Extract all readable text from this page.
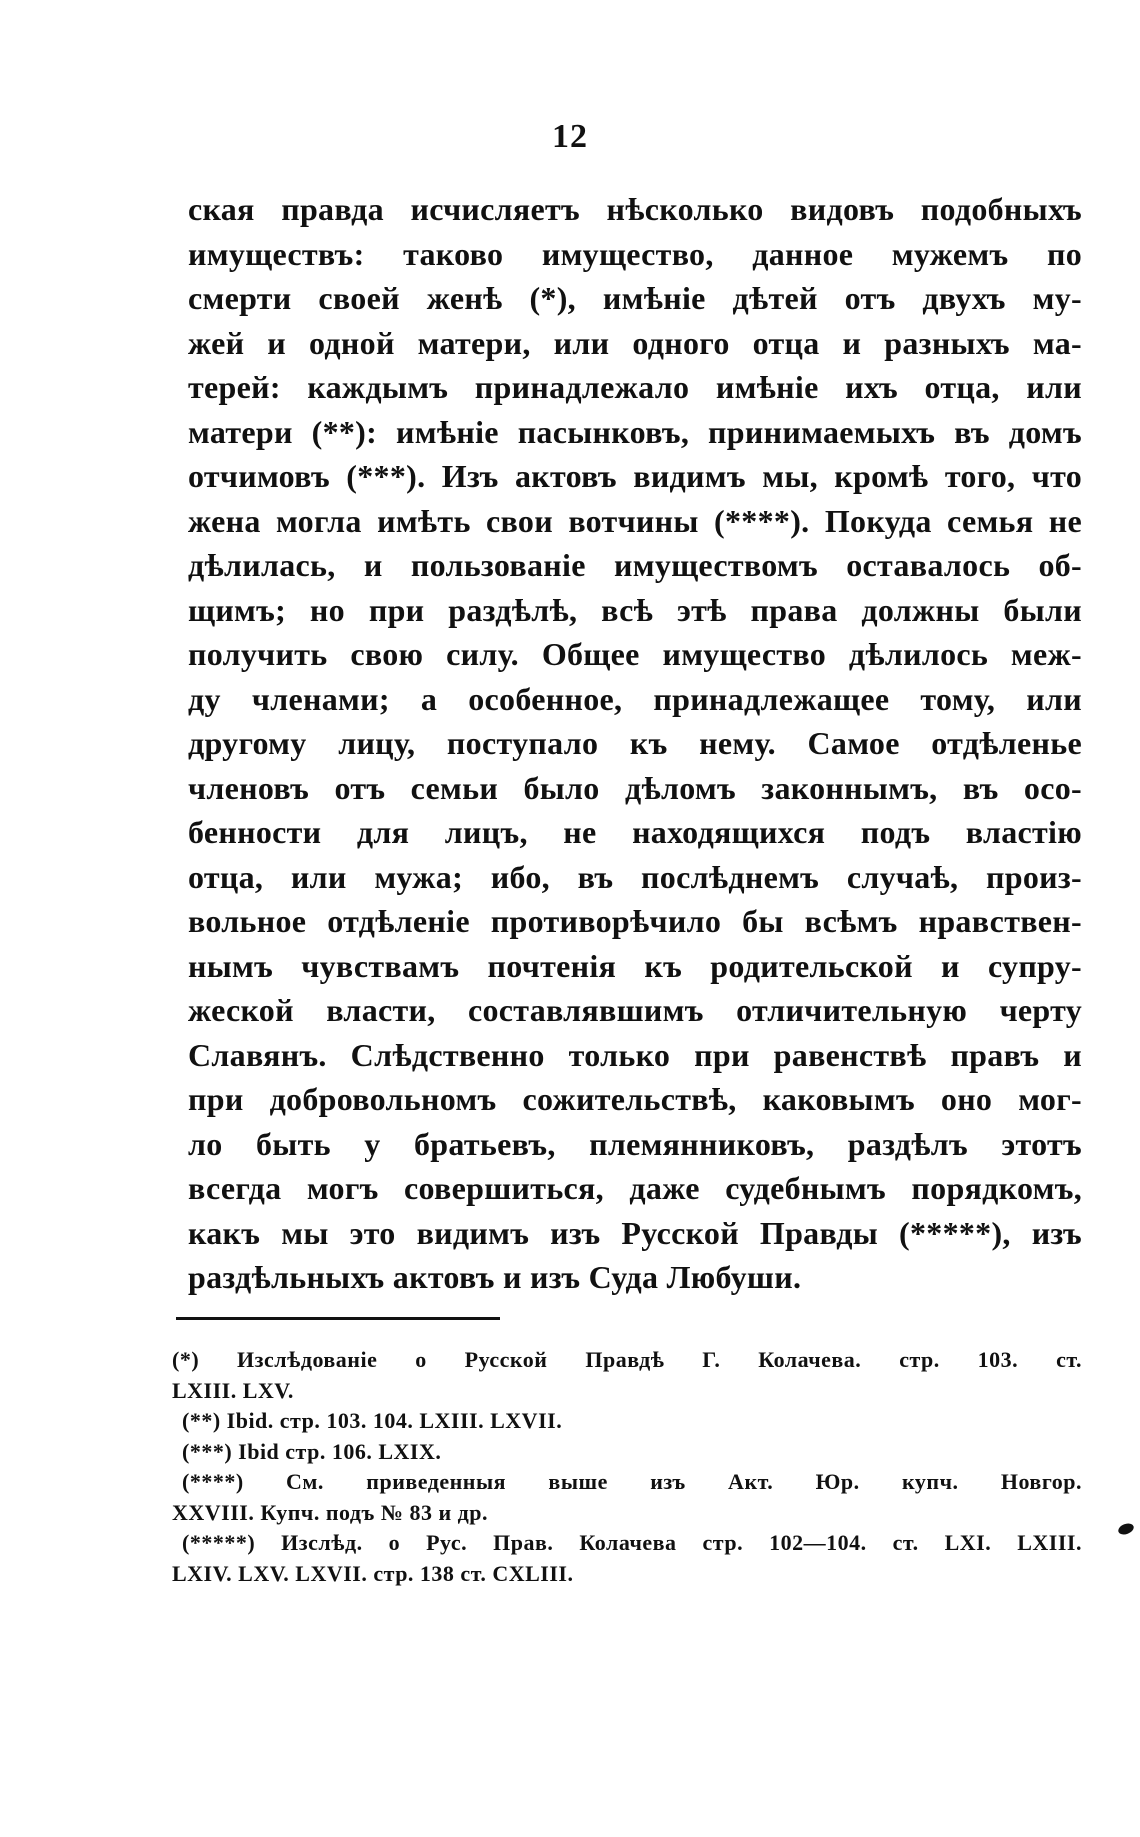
12
ская правда исчисляетъ нѣсколько видовъ подобныхъ
имуществъ: таково имущество, данное мужемъ по
смерти своей женѣ (*), имѣніе дѣтей отъ двухъ му-
жей и одной матери, или одного отца и разныхъ ма-
терей: каждымъ принадлежало имѣніе ихъ отца, или
матери (**): имѣніе пасынковъ, принимаемыхъ въ домъ
отчимовъ (***). Изъ актовъ видимъ мы, кромѣ того, что
жена могла имѣть свои вотчины (****). Покуда семья не
дѣлилась, и пользованіе имуществомъ оставалось об-
щимъ; но при раздѣлѣ, всѣ этѣ права должны были
получить свою силу. Общее имущество дѣлилось меж-
ду членами; а особенное, принадлежащее тому, или
другому лицу, поступало къ нему. Самое отдѣленье
членовъ отъ семьи было дѣломъ законнымъ, въ осо-
бенности для лицъ, не находящихся подъ властію
отца, или мужа; ибо, въ послѣднемъ случаѣ, произ-
вольное отдѣленіе противорѣчило бы всѣмъ нравствен-
нымъ чувствамъ почтенія къ родительской и супру-
жеской власти, составлявшимъ отличительную черту
Славянъ. Слѣдственно только при равенствѣ правъ и
при добровольномъ сожительствѣ, каковымъ оно мог-
ло быть у братьевъ, племянниковъ, раздѣлъ этотъ
всегда могъ совершиться, даже судебнымъ порядкомъ,
какъ мы это видимъ изъ Русской Правды (*****), изъ
раздѣльныхъ актовъ и изъ Суда Любуши.
(*) Изслѣдованіе о Русской Правдѣ Г. Колачева. стр. 103. ст.
LXIII. LXV.
(**) Ibid. стр. 103. 104. LXIII. LXVII.
(***) Ibid стр. 106. LXIX.
(****) См. приведенныя выше изъ Акт. Юр. купч. Новгор.
XXVIII. Купч. подъ № 83 и др.
(*****) Изслѣд. о Рус. Прав. Колачева стр. 102—104. ст. LXI. LXIII.
LXIV. LXV. LXVII. стр. 138 ст. CXLIII.
